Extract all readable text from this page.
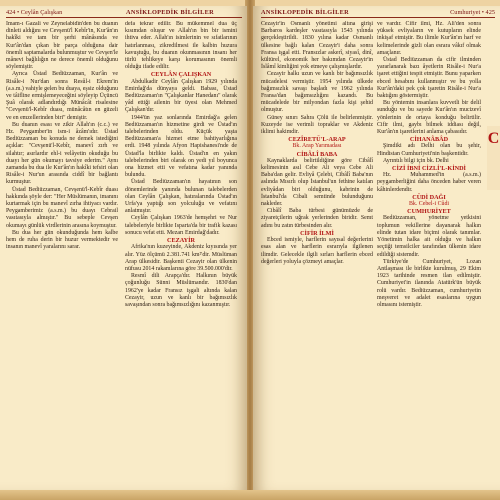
424 • Ceylân Çalışkan	ANSİKLOPEDİK BİLGİLER

İmam-ı Gazali ve Zeynelabidîn'den bu duanın dinleti aldığını ve Cevşenü'l Kebîr'in, Kur'ân'ın hakîki ve tam bir şerhi mânâsında ve Kur'ân'dan çıkan bir parça olduğuna dair önemli saptamalarda bulunmuştur ve Cevşen'le mânevi bağlılığın ne derece önemli olduğunu söylemiştir.

Ayrıca Üstad Bediüzzaman, Kur'ân ve Risâle-i Nur'dan sonra Resûl-i Ekrem'in (a.s.m.) vahiyle gelen bu duaya, eşsiz olduğunu ve tâifline ermişlemeyeceğini söyleyip Üçüncü Şuâ olarak adlandırdığı Münâcât risalesine "Cevşenü'l-Kebîr duası, münâcâtın en güzeli ve en emzellerinden biri" demiştir.

Bu duanın esası ve zikir Allah'ın (c.c.) ve Hz. Peygamber'in ism-i âzâm'ıdır. Üstad Bediüzzaman bu konuda ne demek istediğini açıklar: "Cevşenü'l-Kebîr, manevî zırh ve silahtır; asırlardır ehl-i velâyetin okuduğu bu duayı her gün okumayı tavsiye ederim." Aynı zamanda bu dua ile Kur'ân'ın hakîki tefsiri olan Risâle-i Nur'un arasında ciddî bir bağlantı kurmuştur.

Üstad Bediüzzaman, Cevşenü'l-Kebîr duası hakkında şöyle der: "Her Müslümanın, imanını kurtarmak için bu manevî zırha ihtiyacı vardır. Peygamberimiz (a.s.m.) bu duayı Cebrail vasıtasıyla almıştır." Bu sebeple Cevşen okumayı günlük virdlerinin arasına koymuştur.

Bu dua her gün okunduğunda hem kalbe hem de ruha derin bir huzur vermektedir ve insanın manevî yaralarını sarar.

defa tekrar edilir. Bu mükemmel dua üç kısımdan oluşur ve Allah'ın bin bir ismini ihtiva eder. Allah'ın isimlerinin ve sıfatlarının hatırlanması, zikredilmesi ile kalbin huzura kavuştuğu, bu duanın okunmasının insanı her türlü tehlikeye karşı korumasının önemli olduğu ifade edilir.

CEYLÂN ÇALIŞKAN

Abdulkadir Ceylân Çalışkan 1929 yılında Emirdağ'da dünyaya geldi. Babası, Üstad Bediüzzaman'ın "Çalışkanlar Hanedanı" olarak yâd ettiği ailenin bir üyesi olan Mehmed Çalışkan'dır.

1944'ün yaz sonlarında Emirdağ'a gelen Bediüzzaman'ın hizmetine girdi ve Üstad'ın talebelerinden oldu. Küçük yaşta Bediüzzaman'a hizmet etme bahtiyarlığına erdi. 1948 yılında Afyon Hapishanesi'nde de Üstad'la birlikte kaldı. Üstad'ın en yakın talebelerinden biri olarak on yedi yıl boyunca ona hizmet etti ve vefatına kadar yanında bulundu.

Üstad Bediüzzaman'ın hayatının son dönemlerinde yanında bulunan talebelerden olan Ceylân Çalışkan, hatıralarında Üstad'ın Urfa'ya yaptığı son yolculuğu ve vefatını anlatmıştır.

Ceylân Çalışkan 1963'de hemşehri ve Nur talebeleriyle birlikte Isparta'da bir trafik kazası sonucu vefat etti. Mezarı Emirdağ'dadır.

CEZAYİR

Afrika'nın kuzeyinde, Akdeniz kıyısında yer alır. Yüz ölçümü 2.381.741 km²'dir. Müslüman Arap ülkesidir. Başkenti Cezayir olan ülkenin nüfusu 2014 rakamlarına göre 39.500.000'dir.

Resmî dili Arapça'dır. Halkının büyük çoğunluğu Sünni Müslümandır. 1830'dan 1962'ye kadar Fransız işgali altında kalan Cezayir, uzun ve kanlı bir bağımsızlık savaşından sonra bağımsızlığını kazanmıştır.

ANSİKLOPEDİK BİLGİLER	Cumhuriyet • 425

Cezayir'in Osmanlı yönetimi altına girişi Barbaros kardeşler vasıtasıyla 1543 yılında gerçekleştirildi. 1830 yılına kadar Osmanlı ülkesine bağlı kalan Cezayir'i daha sonra Fransa işgal etti. Fransızlar askerî, siyasî, dinî, kültürel, ekonomik her bakımdan Cezayir'in İslâmî kimliğini yok etmeye çalışmışlardır.

Cezayir halkı uzun ve kanlı bir bağımsızlık mücadelesi vermiştir. 1954 yılında ülkede bağımsızlık savaşı başladı ve 1962 yılında Fransa'dan bağımsızlığını kazandı. Bu mücadelede bir milyondan fazla kişi şehid olmuştur.

Güney sınırı Sahra Çölü ile belirlenmiştir. Kuzeyde ise verimli topraklar ve Akdeniz iklimi hakimdir.

CEZÎRETÜ'L-ARAP

Bk. Arap Yarımadası

CİBÂLÎ BABA

Kaynaklarda belirtildiğine göre Cibâlî kelimesinin asıl Cebe Ali veya Cebe Ali Baba'dan gelir. Evliyâ Çelebi, Cibâlî Baba'nın aslında Mısırlı olup İstanbul'un fethine katılan evliyâdan biri olduğunu, kabrinin de İstanbul'da Cibali semtinde bulunduğunu nakleder.

Cibâlî Baba türbesi günümüzde de ziyaretçilerin uğrak yerlerinden biridir. Semt adını bu zatın türbesinden alır.

CİFİR İLMİ

Ebced ismiyle, harflerin sayısal değerlerini esas alan ve harflerin esrarıyla ilgilenen ilimdir. Gelecekle ilgili sırları harflerin ebced değerleri yoluyla çözmeyi amaçlar.

ve vardır. Cifir ilmi, Hz. Ali'den sonra yüksek evliyaların ve kutupların elinde inkişaf etmiştir. Bu ilimle Kur'ân'ın harf ve kelimelerinde gizli olan esrara vâkıf olmak amaçlanır.

Üstad Bediüzzaman da cifir ilminden yararlanarak bazı âyetlerin Risâle-i Nur'a işaret ettiğini tespit etmiştir. Bunu yaparken ebced hesabını kullanmıştır ve bu yolla Kur'ân'daki pek çok işaretin Risâle-i Nur'a baktığını göstermiştir.

Bu yöntemin insanlara kuvvetli bir delil sunduğu ve bu sayede Kur'ân'ın mucizevî yönlerinin de ortaya konduğu belirtilir. Cifir ilmi, gaybı bilmek iddiası değil, Kur'ân'ın işaretlerini anlama çabasıdır.

CİHANÂBÂD

Şimdiki adı Delhi olan bu şehir, Hindistan Cumhuriyeti'nin başkentidir.

Ayrıntılı bilgi için bk. Delhi

CİZİ İBNİ CİZLİ'L-KİNDİ

Hz. Muhammed'in (a.s.m.) peygamberliğini daha önceden haber veren kâhinlerdendir.

CÜDİ DAĞI

Bk. Cebel-i Cûdi

CUMHURİYET

Bediüzzaman, yönetme yetkisini toplumun vekillerine dayanarak halkın elinde tutan idare biçimi olarak tanımlar. Yönetimin halka ait olduğu ve halkın seçtiği temsilciler tarafından ülkenin idare edildiği sistemdir.

Türkiye'de Cumhuriyet, Lozan Antlaşması ile birlikte kurulmuş, 29 Ekim 1923 tarihinde resmen ilan edilmiştir. Cumhuriyet'in ilanında Atatürk'ün büyük rolü vardır. Bediüzzaman, cumhuriyetin meşveret ve adalet esaslarına uygun olmasını istemiştir.

C
